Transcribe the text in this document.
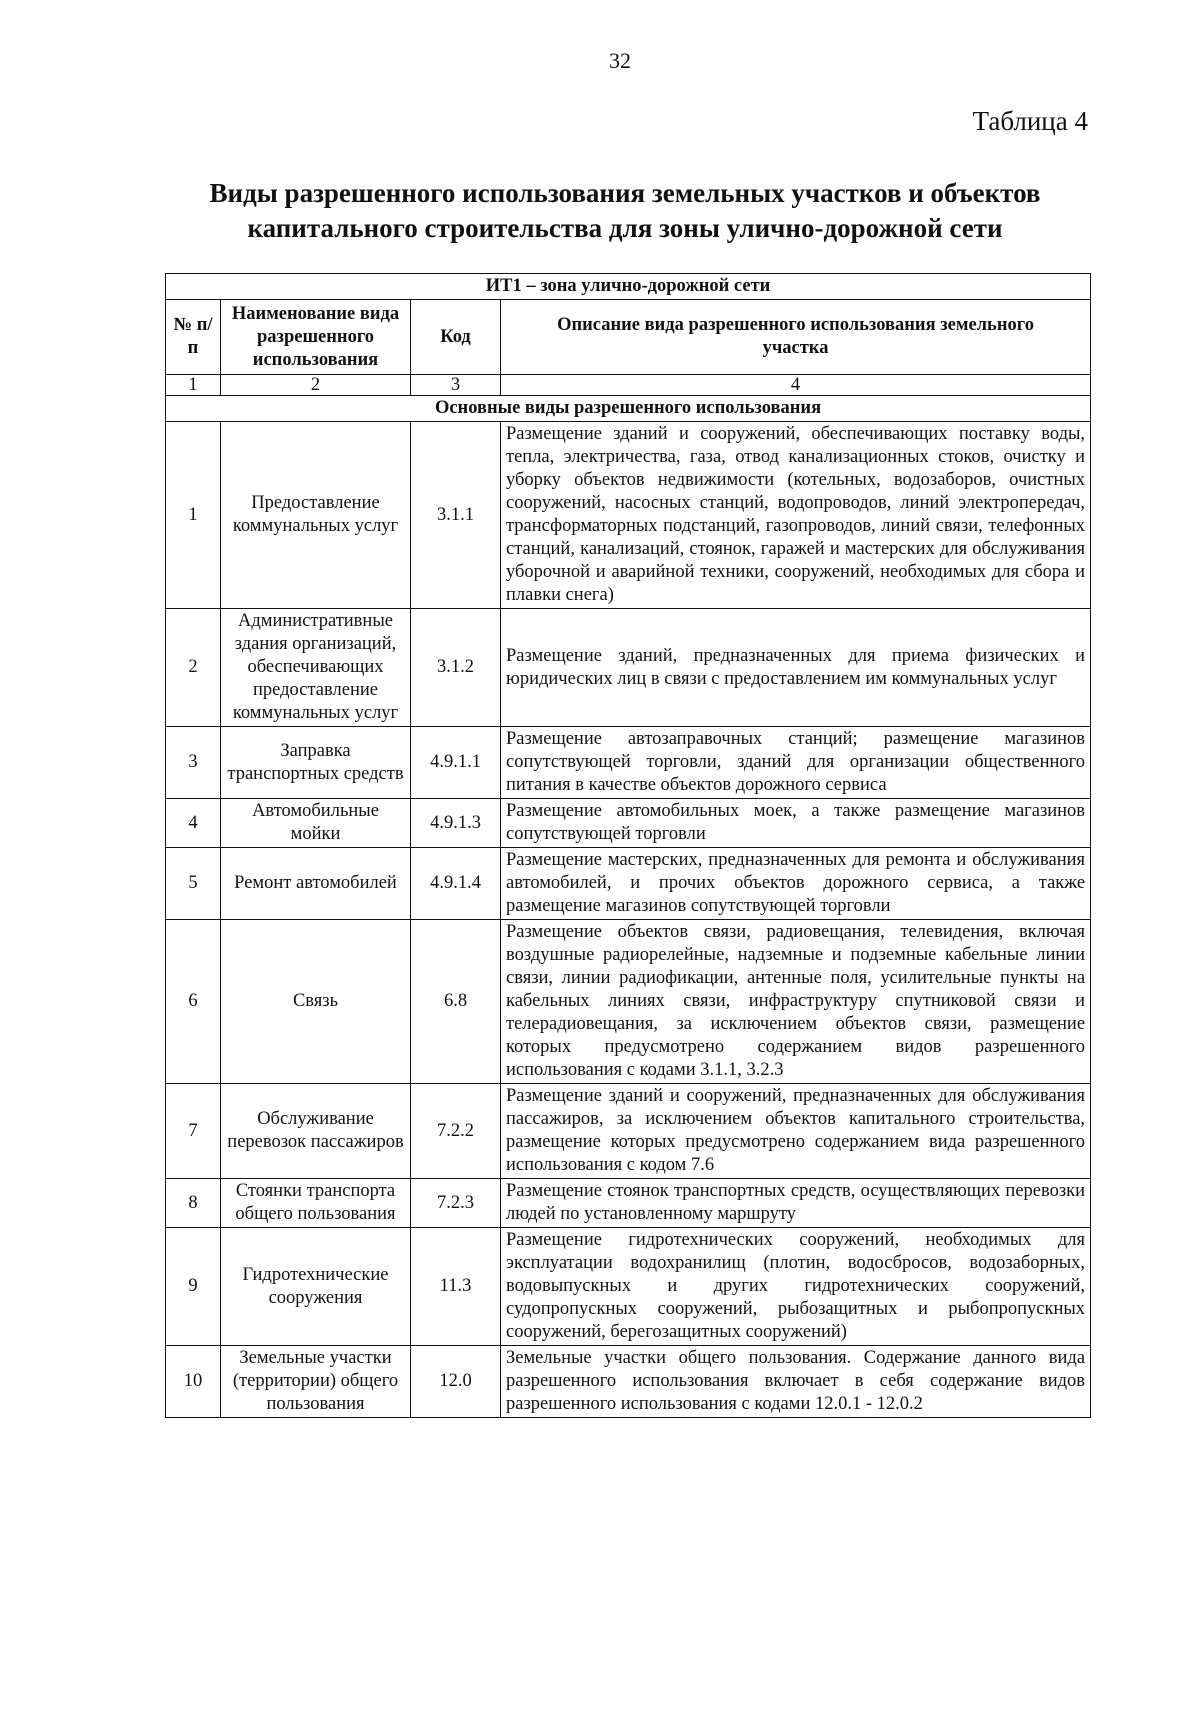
32
Таблица 4
Виды разрешенного использования земельных участков и объектов капитального строительства для зоны улично-дорожной сети
ИТ1 – зона улично-дорожной сети			
№ п/п	Наименование вида разрешенного использования	Код	Описание вида разрешенного использования земельного участка
1	2	3	4
Основные виды разрешенного использования			
1	Предоставление коммунальных услуг	3.1.1	Размещение зданий и сооружений, обеспечивающих поставку воды, тепла, электричества, газа, отвод канализационных стоков, очистку и уборку объектов недвижимости (котельных, водозаборов, очистных сооружений, насосных станций, водопроводов, линий электропередач, трансформаторных подстанций, газопроводов, линий связи, телефонных станций, канализаций, стоянок, гаражей и мастерских для обслуживания уборочной и аварийной техники, сооружений, необходимых для сбора и плавки снега)
2	Административные здания организаций, обеспечивающих предоставление коммунальных услуг	3.1.2	Размещение зданий, предназначенных для приема физических и юридических лиц в связи с предоставлением им коммунальных услуг
3	Заправка транспортных средств	4.9.1.1	Размещение автозаправочных станций; размещение магазинов сопутствующей торговли, зданий для организации общественного питания в качестве объектов дорожного сервиса
4	Автомобильные мойки	4.9.1.3	Размещение автомобильных моек, а также размещение магазинов сопутствующей торговли
5	Ремонт автомобилей	4.9.1.4	Размещение мастерских, предназначенных для ремонта и обслуживания автомобилей, и прочих объектов дорожного сервиса, а также размещение магазинов сопутствующей торговли
6	Связь	6.8	Размещение объектов связи, радиовещания, телевидения, включая воздушные радиорелейные, надземные и подземные кабельные линии связи, линии радиофикации, антенные поля, усилительные пункты на кабельных линиях связи, инфраструктуру спутниковой связи и телерадиовещания, за исключением объектов связи, размещение которых предусмотрено содержанием видов разрешенного использования с кодами 3.1.1, 3.2.3
7	Обслуживание перевозок пассажиров	7.2.2	Размещение зданий и сооружений, предназначенных для обслуживания пассажиров, за исключением объектов капитального строительства, размещение которых предусмотрено содержанием вида разрешенного использования с кодом 7.6
8	Стоянки транспорта общего пользования	7.2.3	Размещение стоянок транспортных средств, осуществляющих перевозки людей по установленному маршруту
9	Гидротехнические сооружения	11.3	Размещение гидротехнических сооружений, необходимых для эксплуатации водохранилищ (плотин, водосбросов, водозаборных, водовыпускных и других гидротехнических сооружений, судопропускных сооружений, рыбозащитных и рыбопропускных сооружений, берегозащитных сооружений)
10	Земельные участки (территории) общего пользования	12.0	Земельные участки общего пользования. Содержание данного вида разрешенного использования включает в себя содержание видов разрешенного использования с кодами 12.0.1 - 12.0.2
